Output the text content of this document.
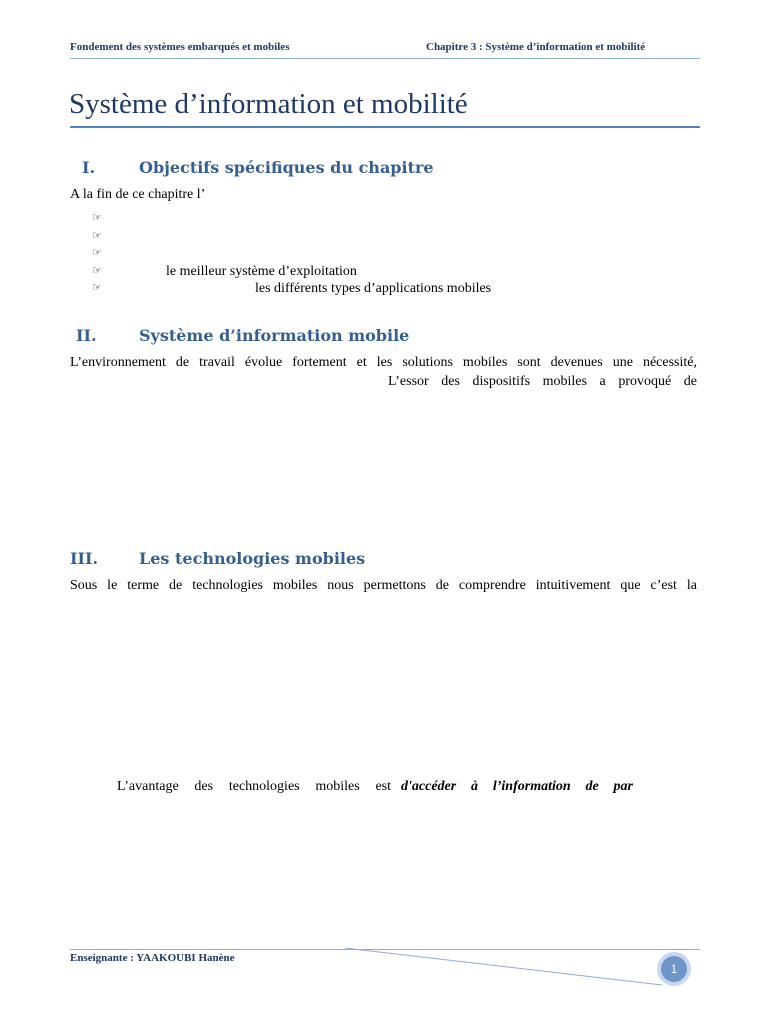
Fondement des systèmes embarqués et mobiles	Chapitre 3 : Système d’information et mobilité
Système d’information et mobilité
I.	Objectifs spécifiques du chapitre
A la fin de ce chapitre l’
☞
☞
☞
☞	le meilleur système d’exploitation
☞	les différents types d’applications mobiles
II.	Système d’information mobile
L’environnement de travail évolue fortement et les solutions mobiles sont devenues une nécessité,
L’essor des dispositifs mobiles a provoqué de
III.	Les technologies mobiles
Sous le terme de technologies mobiles nous permettons de comprendre intuitivement que c’est la
L’avantage des technologies mobiles est d'accéder à l’information de par
Enseignante : YAAKOUBI Hanène
1
